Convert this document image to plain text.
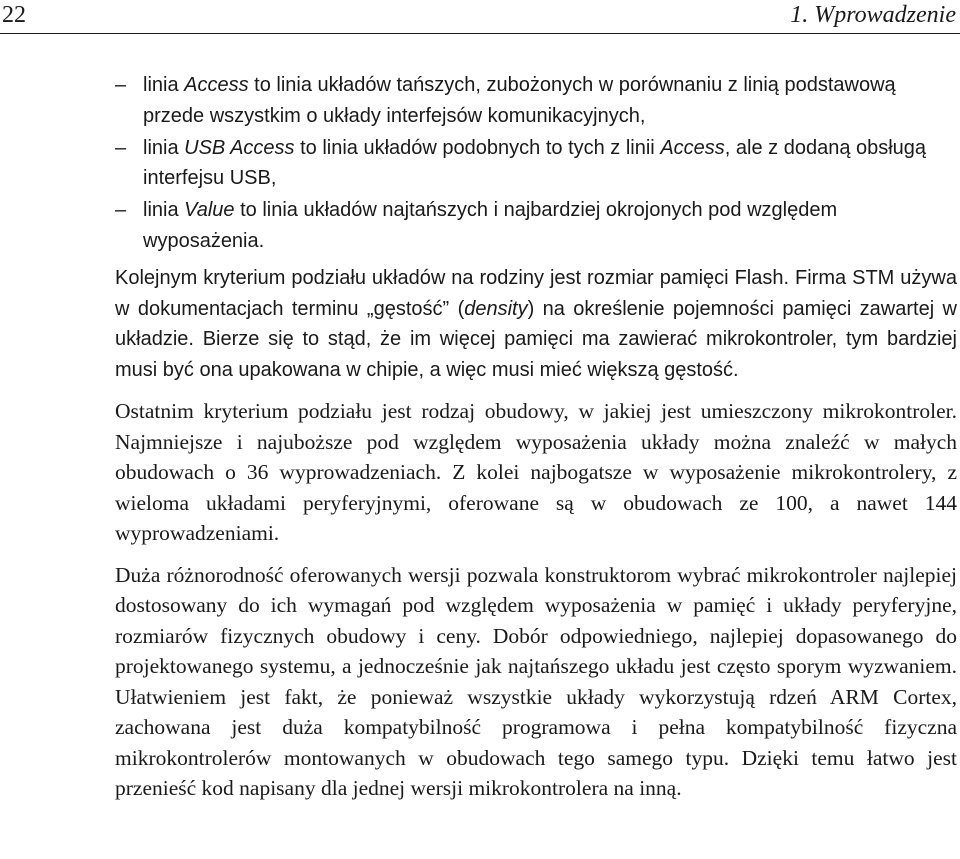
22	1. Wprowadzenie
– linia Access to linia układów tańszych, zubożonych w porównaniu z linią podstawową przede wszystkim o układy interfejsów komunikacyjnych,
– linia USB Access to linia układów podobnych to tych z linii Access, ale z dodaną obsługą interfejsu USB,
– linia Value to linia układów najtańszych i najbardziej okrojonych pod względem wyposażenia.

Kolejnym kryterium podziału układów na rodziny jest rozmiar pamięci Flash. Firma STM używa w dokumentacjach terminu „gęstość” (density) na określenie pojemności pamięci zawartej w układzie. Bierze się to stąd, że im więcej pamięci ma zawierać mikrokontroler, tym bardziej musi być ona upakowana w chipie, a więc musi mieć większą gęstość.

Ostatnim kryterium podziału jest rodzaj obudowy, w jakiej jest umieszczony mikrokontroler. Najmniejsze i najuboższe pod względem wyposażenia układy można znaleźć w małych obudowach o 36 wyprowadzeniach. Z kolei najbogatsze w wyposażenie mikrokontrolery, z wieloma układami peryferyjnymi, oferowane są w obudowach ze 100, a nawet 144 wyprowadzeniami.

Duża różnorodność oferowanych wersji pozwala konstruktorom wybrać mikrokontroler najlepiej dostosowany do ich wymagań pod względem wyposażenia w pamięć i układy peryferyjne, rozmiarów fizycznych obudowy i ceny. Dobór odpowiedniego, najlepiej dopasowanego do projektowanego systemu, a jednocześnie jak najtańszego układu jest często sporym wyzwaniem. Ułatwieniem jest fakt, że ponieważ wszystkie układy wykorzystują rdzeń ARM Cortex, zachowana jest duża kompatybilność programowa i pełna kompatybilność fizyczna mikrokontrolerów montowanych w obudowach tego samego typu. Dzięki temu łatwo jest przenieść kod napisany dla jednej wersji mikrokontrolera na inną.
